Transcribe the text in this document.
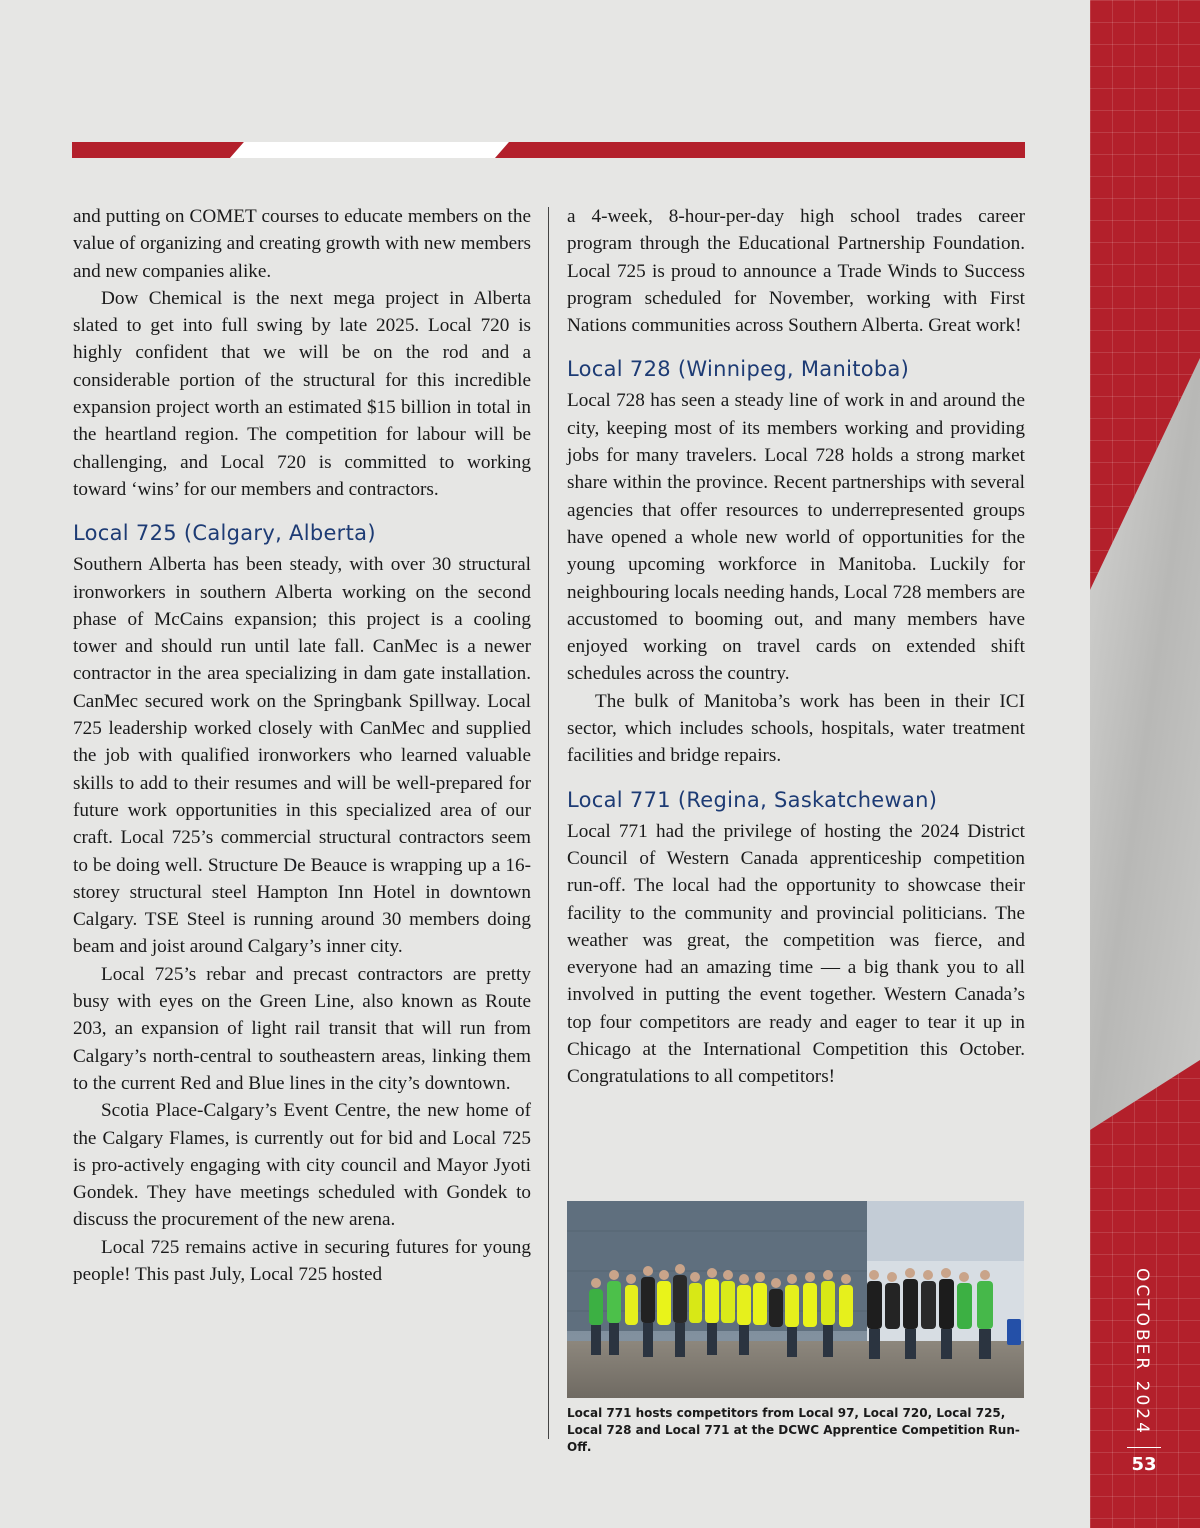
OCTOBER 2024
53

and putting on COMET courses to educate members on the value of organizing and creating growth with new members and new companies alike.

Dow Chemical is the next mega project in Alberta slated to get into full swing by late 2025. Local 720 is highly confident that we will be on the rod and a considerable portion of the structural for this incredible expansion project worth an estimated $15 billion in total in the heartland region. The competition for labour will be challenging, and Local 720 is committed to working toward ‘wins’ for our members and contractors.

Local 725 (Calgary, Alberta)

Southern Alberta has been steady, with over 30 structural ironworkers in southern Alberta working on the second phase of McCains expansion; this project is a cooling tower and should run until late fall. CanMec is a newer contractor in the area specializing in dam gate installation. CanMec secured work on the Springbank Spillway. Local 725 leadership worked closely with CanMec and supplied the job with qualified ironworkers who learned valuable skills to add to their resumes and will be well-prepared for future work opportunities in this specialized area of our craft. Local 725’s commercial structural contractors seem to be doing well. Structure De Beauce is wrapping up a 16-storey structural steel Hampton Inn Hotel in downtown Calgary. TSE Steel is running around 30 members doing beam and joist around Calgary’s inner city.

Local 725’s rebar and precast contractors are pretty busy with eyes on the Green Line, also known as Route 203, an expansion of light rail transit that will run from Calgary’s north-central to southeastern areas, linking them to the current Red and Blue lines in the city’s downtown.

Scotia Place-Calgary’s Event Centre, the new home of the Calgary Flames, is currently out for bid and Local 725 is pro-actively engaging with city council and Mayor Jyoti Gondek. They have meetings scheduled with Gondek to discuss the procurement of the new arena.

Local 725 remains active in securing futures for young people! This past July, Local 725 hosted

a 4-week, 8-hour-per-day high school trades career program through the Educational Partnership Foundation. Local 725 is proud to announce a Trade Winds to Success program scheduled for November, working with First Nations communities across Southern Alberta. Great work!

Local 728 (Winnipeg, Manitoba)

Local 728 has seen a steady line of work in and around the city, keeping most of its members working and providing jobs for many travelers. Local 728 holds a strong market share within the province. Recent partnerships with several agencies that offer resources to underrepresented groups have opened a whole new world of opportunities for the young upcoming workforce in Manitoba. Luckily for neighbouring locals needing hands, Local 728 members are accustomed to booming out, and many members have enjoyed working on travel cards on extended shift schedules across the country.

The bulk of Manitoba’s work has been in their ICI sector, which includes schools, hospitals, water treatment facilities and bridge repairs.

Local 771 (Regina, Saskatchewan)

Local 771 had the privilege of hosting the 2024 District Council of Western Canada apprenticeship competition run-off. The local had the opportunity to showcase their facility to the community and provincial politicians. The weather was great, the competition was fierce, and everyone had an amazing time — a big thank you to all involved in putting the event together. Western Canada’s top four competitors are ready and eager to tear it up in Chicago at the International Competition this October. Congratulations to all competitors!

Local 771 hosts competitors from Local 97, Local 720, Local 725, Local 728 and Local 771 at the DCWC Apprentice Competition Run-Off.
